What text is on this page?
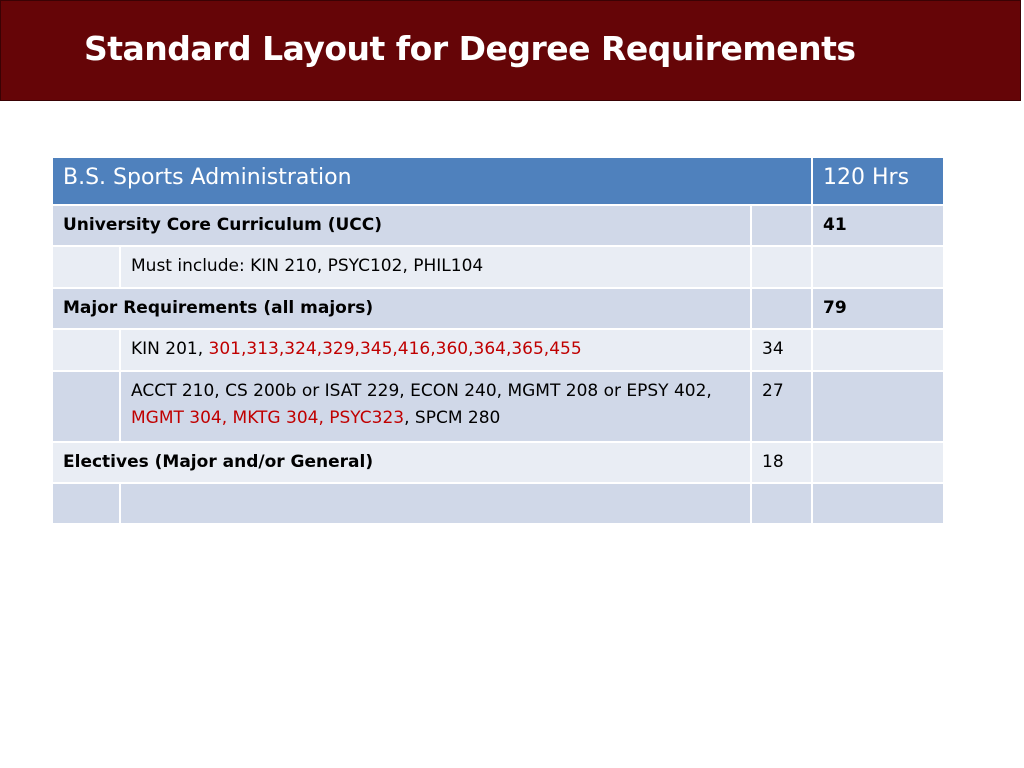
Standard Layout for Degree Requirements
B.S. Sports Administration			120 Hrs
University Core Curriculum (UCC)			41
	Must include: KIN 210, PSYC102, PHIL104		
Major Requirements (all majors)			79
	KIN 201, 301,313,324,329,345,416,360,364,365,455	34	
	ACCT 210, CS 200b or ISAT 229, ECON 240, MGMT 208 or EPSY 402, MGMT 304, MKTG 304, PSYC323, SPCM 280	27	
Electives (Major and/or General)		18	
